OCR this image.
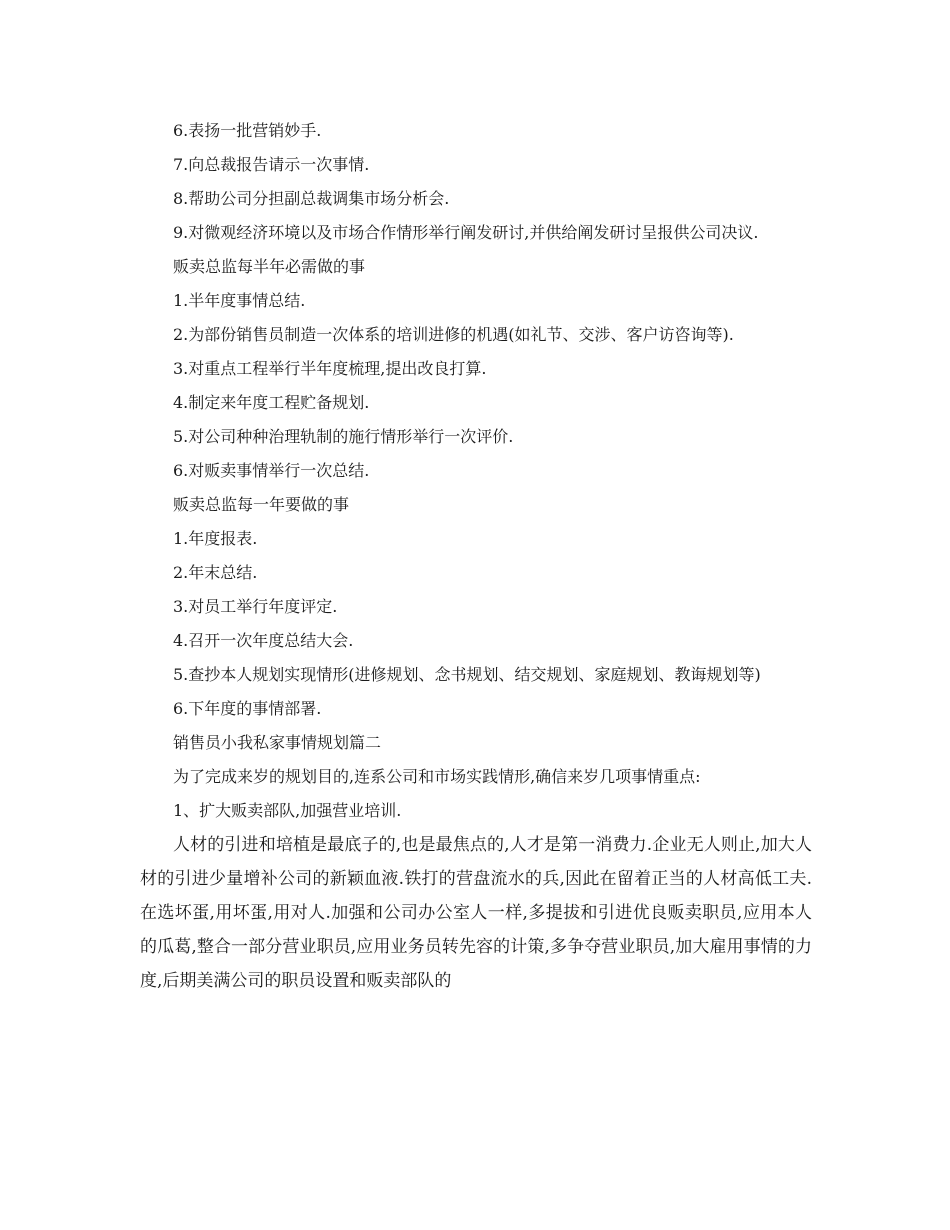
6.表扬一批营销妙手.

7.向总裁报告请示一次事情.

8.帮助公司分担副总裁调集市场分析会.

9.对微观经济环境以及市场合作情形举行阐发研讨,并供给阐发研讨呈报供公司决议.

贩卖总监每半年必需做的事

1.半年度事情总结.

2.为部份销售员制造一次体系的培训进修的机遇(如礼节、交涉、客户访咨询等).

3.对重点工程举行半年度梳理,提出改良打算.

4.制定来年度工程贮备规划.

5.对公司种种治理轨制的施行情形举行一次评价.

6.对贩卖事情举行一次总结.

贩卖总监每一年要做的事

1.年度报表.

2.年末总结.

3.对员工举行年度评定.

4.召开一次年度总结大会.

5.查抄本人规划实现情形(进修规划、念书规划、结交规划、家庭规划、教诲规划等)

6.下年度的事情部署.

销售员小我私家事情规划篇二

为了完成来岁的规划目的,连系公司和市场实践情形,确信来岁几项事情重点:

1、扩大贩卖部队,加强营业培训.

人材的引进和培植是最底子的,也是最焦点的,人才是第一消费力.企业无人则止,加大人材的引进少量增补公司的新颖血液.铁打的营盘流水的兵,因此在留着正当的人材高低工夫.在选坏蛋,用坏蛋,用对人.加强和公司办公室人一样,多提拔和引进优良贩卖职员,应用本人的瓜葛,整合一部分营业职员,应用业务员转先容的计策,多争夺营业职员,加大雇用事情的力度,后期美满公司的职员设置和贩卖部队的
